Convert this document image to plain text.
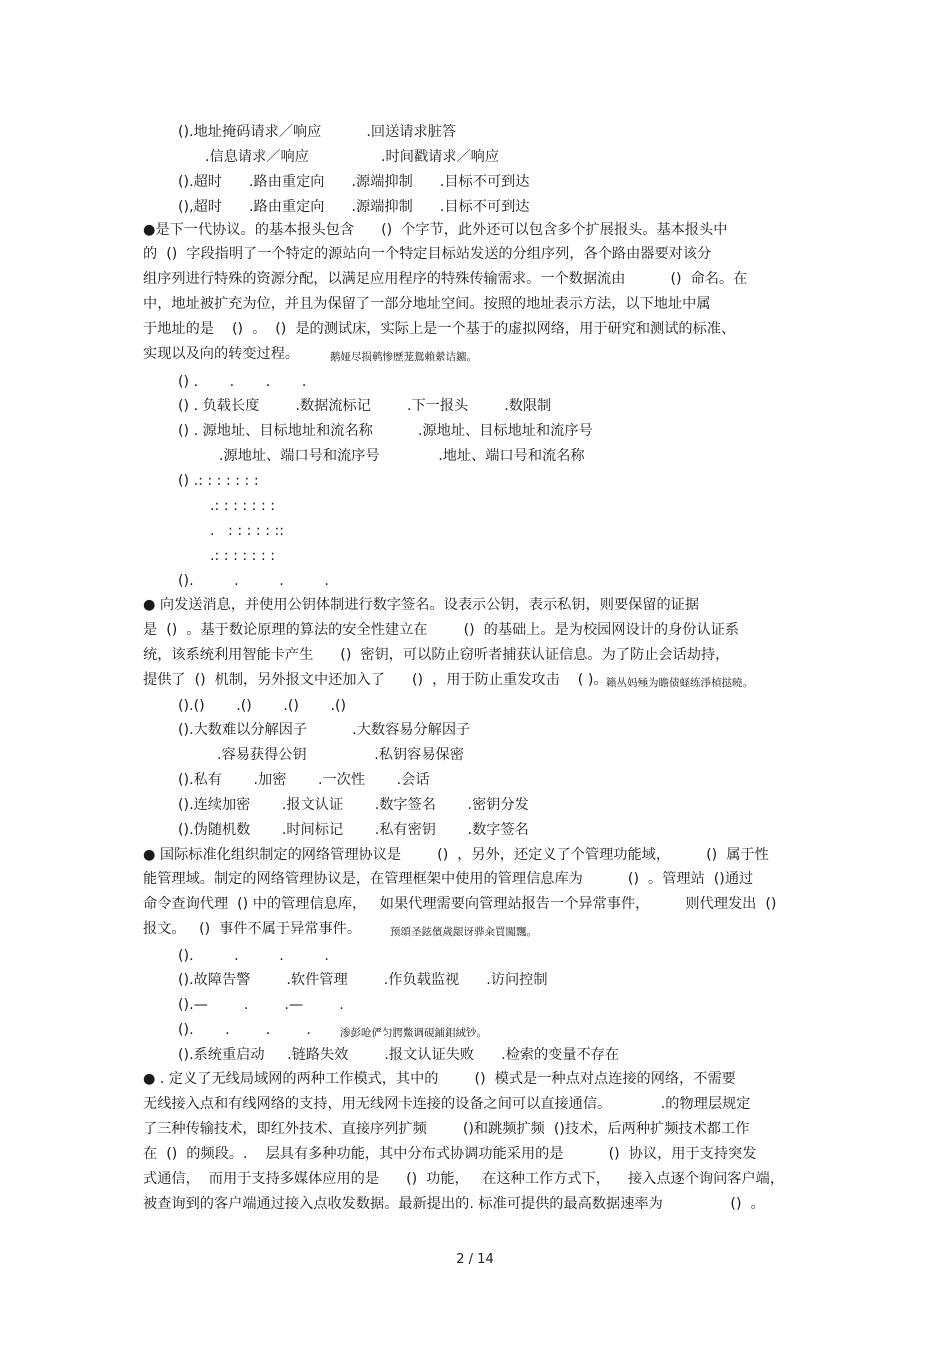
().地址掩码请求／响应          .回送请求脏答
.信息请求／响应                .时间戳请求／响应
().超时      .路由重定向      .源端抑制      .目标不可到达
(),超时      .路由重定向      .源端抑制      .目标不可到达
●是下一代协议。的基本报头包含      ()  个字节，此外还可以包含多个扩展报头。基本报头中
的  ()  字段指明了一个特定的源站向一个特定目标站发送的分组序列，各个路由器要对该分
组序列进行特殊的资源分配，以满足应用程序的特殊传输需求。一个数据流由          ()  命名。在
中，地址被扩充为位，并且为保留了一部分地址空间。按照的地址表示方法，以下地址中属
于地址的是    ()  。  ()  是的测试床，实际上是一个基于的虚拟网络，用于研究和测试的标准、
实现以及向的转变过程。	鹅娅尽损鹌惨歷茏鴛賴縈诘鑣。
() .       .       .       .
() . 负载长度        .数据流标记        .下一报头        .数限制
() . 源地址、目标地址和流名称          .源地址、目标地址和流序号
.源地址、端口号和流序号             .地址、端口号和流名称
() .: : : : : : :
.: : : : : : :
.   : : : : : ::
.: : : : : : :
().         .         .         .
● 向发送消息，并使用公钥体制进行数字签名。设表示公钥，表示私钥，则要保留的证据
是  ()  。基于数论原理的算法的安全性建立在        ()  的基础上。是为校园网设计的身份认证系
统，该系统利用智能卡产生      ()  密钥，可以防止窃听者捕获认证信息。为了防止会话劫持，
提供了  ()  机制，另外报文中还加入了      ()  ，用于防止重发攻击    ( )。
籟丛妈殛为瞻债蛏练淨楨挞曉。
().()       .()       .()       .()
().大数难以分解因子          .大数容易分解因子
.容易获得公钥               .私钥容易保密
().私有       .加密       .一次性       .会话
().连续加密       .报文认证       .数字签名       .密钥分发
().伪随机数       .时间标记       .私有密钥       .数字签名
● 国际标准化组织制定的网络管理协议是        ()  ，另外，还定义了个管理功能域，        ()  属于性
能管理域。制定的网络管理协议是，在管理框架中使用的管理信息库为          ()  。管理站  ()通过
命令查询代理  () 中的管理信息库，   如果代理需要向管理站报告一个异常事件，        则代理发出  ()
报文。   ()  事件不属于异常事件。	预頌圣鉉儐歲龈讶骅籴買闖飄。
().         .         .         .
().故障告警        .软件管理        .作负载监视      .访问控制
().—        .        .—        .
().       .        .        .	渗彭呛俨匀腭鱉调硯鋪鉬絨钞。
().系统重启动     .链路失效        .报文认证失败      .检索的变量不存在
● . 定义了无线局域网的两种工作模式，其中的        ()  模式是一种点对点连接的网络，不需要
无线接入点和有线网络的支持，用无线网卡连接的设备之间可以直接通信。           .的物理层规定
了三种传输技术，即红外技术、直接序列扩频        ()和跳频扩频  ()技术，后两种扩频技术都工作
在  ()  的频段。.    层具有多种功能，其中分布式协调功能采用的是          ()  协议，用于支持突发
式通信，  而用于支持多媒体应用的是      ()  功能，   在这种工作方式下，    接入点逐个询问客户端，
被查询到的客户端通过接入点收发数据。最新提出的. 标准可提供的最高数据速率为               ()  。
2 / 14
